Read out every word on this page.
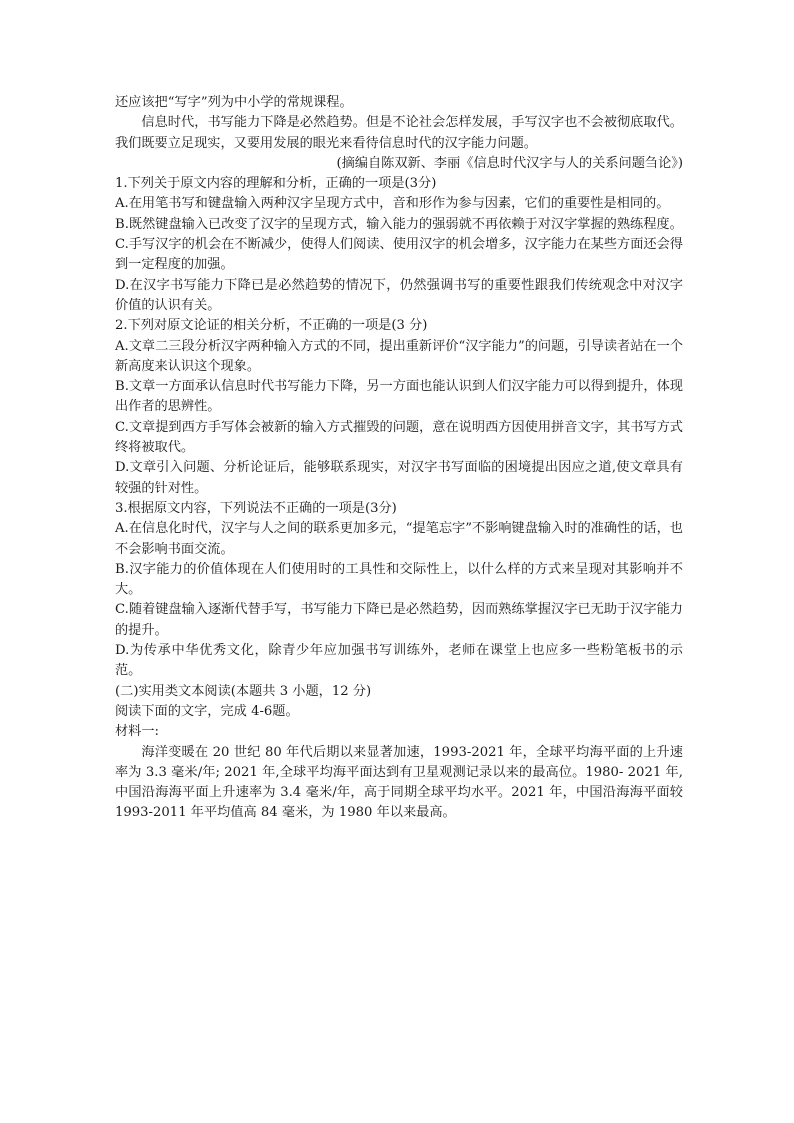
还应该把“写字”列为中小学的常规课程。

信息时代，书写能力下降是必然趋势。但是不论社会怎样发展，手写汉字也不会被彻底取代。我们既要立足现实，又要用发展的眼光来看待信息时代的汉字能力问题。

(摘编自陈双新、李丽《信息时代汉字与人的关系问题刍论》)

1.下列关于原文内容的理解和分析，正确的一项是(3分)

A.在用笔书写和键盘输入两种汉字呈现方式中，音和形作为参与因素，它们的重要性是相同的。

B.既然键盘输入已改变了汉字的呈现方式，输入能力的强弱就不再依赖于对汉字掌握的熟练程度。

C.手写汉字的机会在不断减少，使得人们阅读、使用汉字的机会增多，汉字能力在某些方面还会得到一定程度的加强。

D.在汉字书写能力下降已是必然趋势的情况下，仍然强调书写的重要性跟我们传统观念中对汉字价值的认识有关。

2.下列对原文论证的相关分析，不正确的一项是(3 分)

A.文章二三段分析汉字两种输入方式的不同，提出重新评价“汉字能力”的问题，引导读者站在一个新高度来认识这个现象。

B.文章一方面承认信息时代书写能力下降，另一方面也能认识到人们汉字能力可以得到提升，体现出作者的思辨性。

C.文章提到西方手写体会被新的输入方式摧毁的问题，意在说明西方因使用拼音文字，其书写方式终将被取代。

D.文章引入问题、分析论证后，能够联系现实，对汉字书写面临的困境提出因应之道,使文章具有较强的针对性。

3.根据原文内容，下列说法不正确的一项是(3分)

A.在信息化时代，汉字与人之间的联系更加多元，“提笔忘字”不影响键盘输入时的准确性的话，也不会影响书面交流。

B.汉字能力的价值体现在人们使用时的工具性和交际性上，以什么样的方式来呈现对其影响并不大。

C.随着键盘输入逐渐代替手写，书写能力下降已是必然趋势，因而熟练掌握汉字已无助于汉字能力的提升。

D.为传承中华优秀文化，除青少年应加强书写训练外，老师在课堂上也应多一些粉笔板书的示范。

(二)实用类文本阅读(本题共 3 小题，12 分)

阅读下面的文字，完成 4-6题。

材料一:

海洋变暖在 20 世纪 80 年代后期以来显著加速，1993-2021 年，全球平均海平面的上升速率为 3.3 毫米/年; 2021 年,全球平均海平面达到有卫星观测记录以来的最高位。1980- 2021 年,中国沿海海平面上升速率为 3.4 毫米/年，高于同期全球平均水平。2021 年，中国沿海海平面较 1993-2011 年平均值高 84 毫米，为 1980 年以来最高。
